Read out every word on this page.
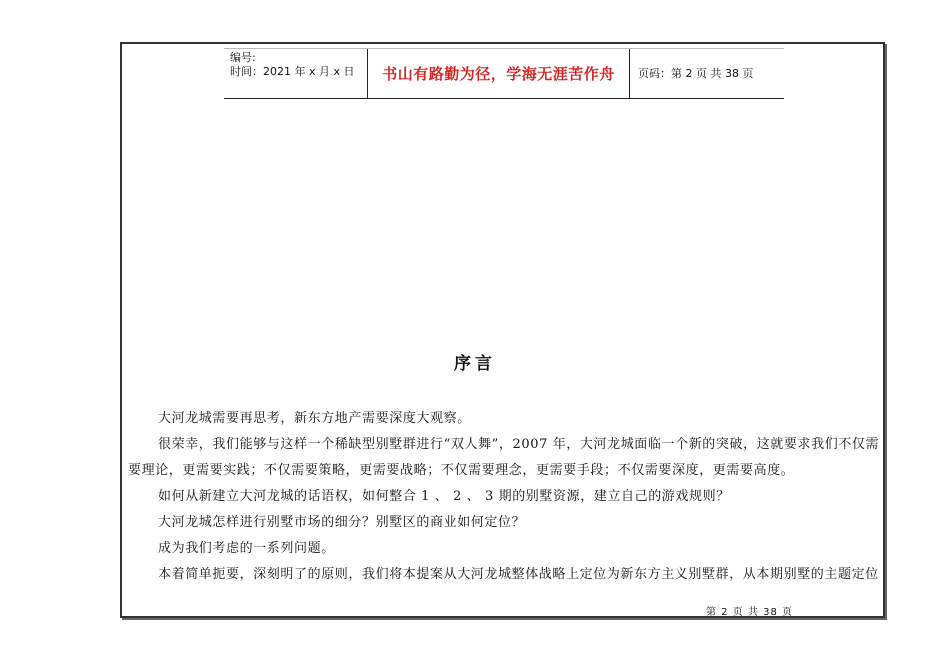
编号:
时间：2021 年 x 月 x 日	书山有路勤为径，学海无涯苦作舟	页码：第 2 页 共 38 页
序言

大河龙城需要再思考，新东方地产需要深度大观察。

很荣幸，我们能够与这样一个稀缺型别墅群进行“双人舞”，2007 年，大河龙城面临一个新的突破，这就要求我们不仅需要理论，更需要实践；不仅需要策略，更需要战略；不仅需要理念，更需要手段；不仅需要深度，更需要高度。

如何从新建立大河龙城的话语权，如何整合 1 、 2 、 3 期的别墅资源，建立自己的游戏规则？

大河龙城怎样进行别墅市场的细分？别墅区的商业如何定位？

成为我们考虑的一系列问题。

本着简单扼要，深刻明了的原则，我们将本提案从大河龙城整体战略上定位为新东方主义别墅群，从本期别墅的主题定位

第 2 页 共 38 页
